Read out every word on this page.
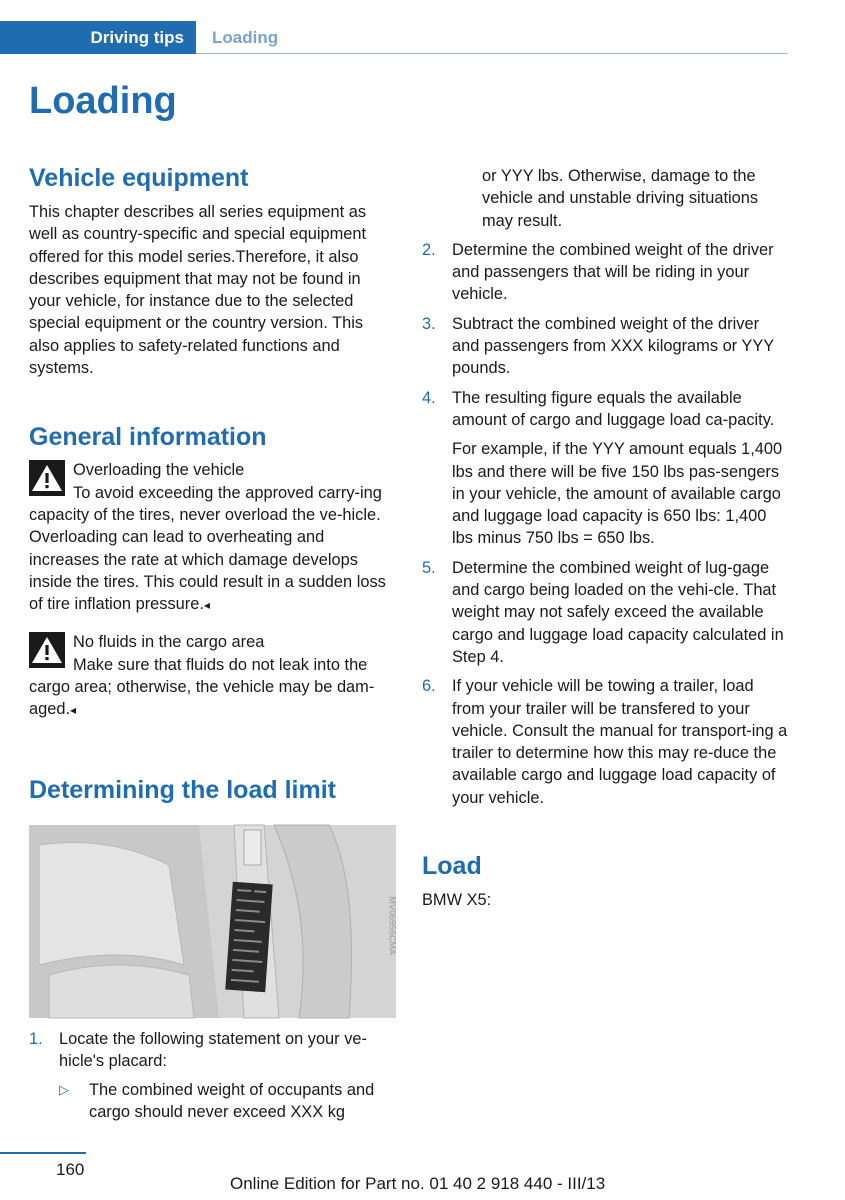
Driving tips	Loading
Loading
Vehicle equipment

This chapter describes all series equipment as well as country-specific and special equipment offered for this model series.Therefore, it also describes equipment that may not be found in your vehicle, for instance due to the selected special equipment or the country version. This also applies to safety-related functions and systems.

General information

Overloading the vehicle

To avoid exceeding the approved carry-ing capacity of the tires, never overload the ve-hicle. Overloading can lead to overheating and increases the rate at which damage develops inside the tires. This could result in a sudden loss of tire inflation pressure.◂

No fluids in the cargo area

Make sure that fluids do not leak into the cargo area; otherwise, the vehicle may be dam-aged.◂

Determining the load limit
MV06956CMA
1. Locate the following statement on your ve-hicle's placard:
▷ The combined weight of occupants and cargo should never exceed XXX kg

or YYY lbs. Otherwise, damage to the vehicle and unstable driving situations may result.

2. Determine the combined weight of the driver and passengers that will be riding in your vehicle.
3. Subtract the combined weight of the driver and passengers from XXX kilograms or YYY pounds.
4. The resulting figure equals the available amount of cargo and luggage load ca-pacity.

For example, if the YYY amount equals 1,400 lbs and there will be five 150 lbs pas-sengers in your vehicle, the amount of available cargo and luggage load capacity is 650 lbs: 1,400 lbs minus 750 lbs = 650 lbs.

5. Determine the combined weight of lug-gage and cargo being loaded on the vehi-cle. That weight may not safely exceed the available cargo and luggage load capacity calculated in Step 4.
6. If your vehicle will be towing a trailer, load from your trailer will be transfered to your vehicle. Consult the manual for transport-ing a trailer to determine how this may re-duce the available cargo and luggage load capacity of your vehicle.
Load

BMW X5:

160
Online Edition for Part no. 01 40 2 918 440 - III/13
